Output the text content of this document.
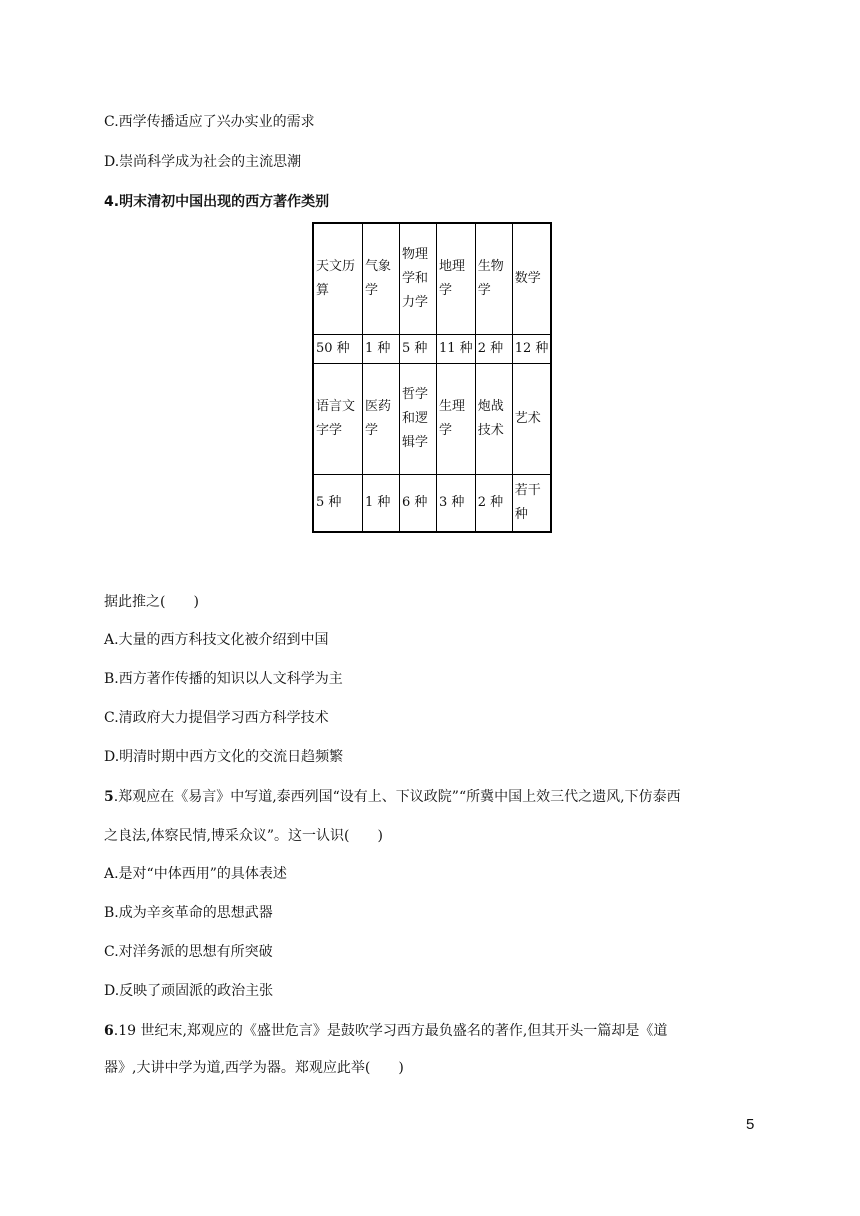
C.西学传播适应了兴办实业的需求
D.崇尚科学成为社会的主流思潮
4.明末清初中国出现的西方著作类别
天文历算	气象学	物理学和力学	地理学	生物学	数学
50 种	1 种	5 种	11 种	2 种	12 种
语言文字学	医药学	哲学和逻辑学	生理学	炮战技术	艺术
5 种	1 种	6 种	3 种	2 种	若干种
据此推之(　　)
A.大量的西方科技文化被介绍到中国
B.西方著作传播的知识以人文科学为主
C.清政府大力提倡学习西方科学技术
D.明清时期中西方文化的交流日趋频繁
5.郑观应在《易言》中写道,泰西列国“设有上、下议政院”“所冀中国上效三代之遗风,下仿泰西
之良法,体察民情,博采众议”。这一认识(　　)
A.是对“中体西用”的具体表述
B.成为辛亥革命的思想武器
C.对洋务派的思想有所突破
D.反映了顽固派的政治主张
6.19 世纪末,郑观应的《盛世危言》是鼓吹学习西方最负盛名的著作,但其开头一篇却是《道
器》,大讲中学为道,西学为器。郑观应此举(　　)
5
